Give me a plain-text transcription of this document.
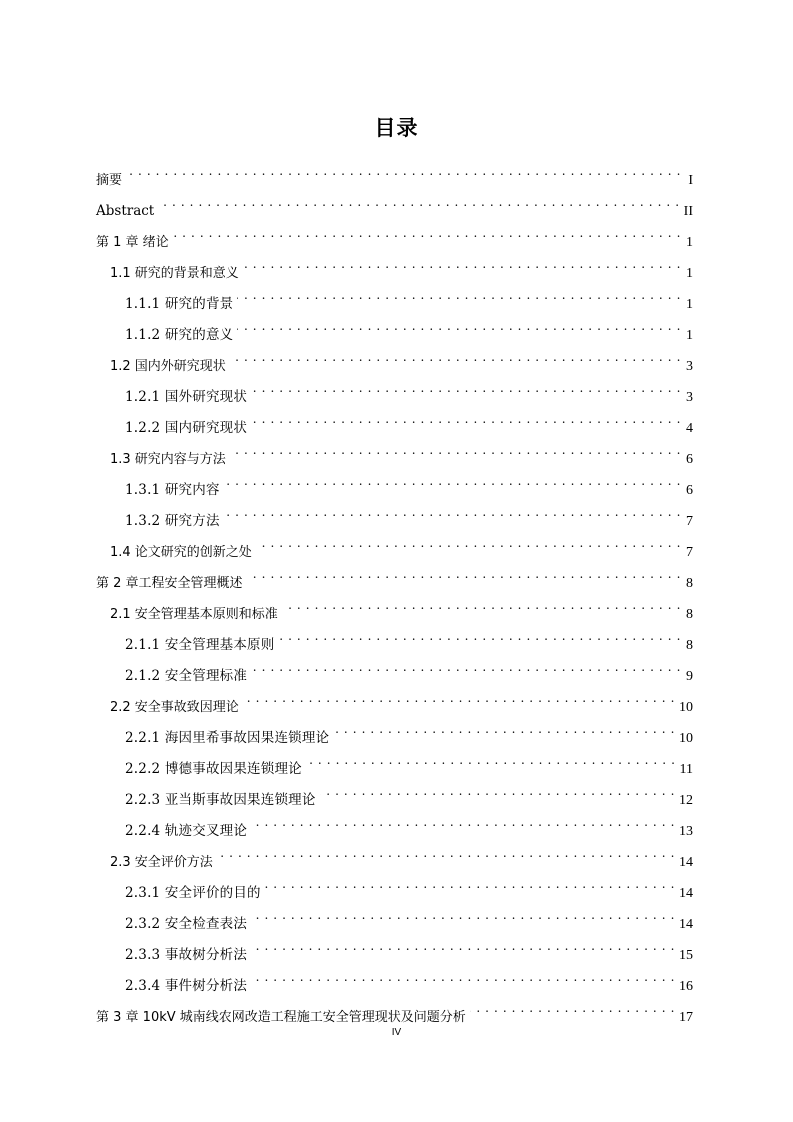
目录
摘要 . . .	I
Abstract . . .	II
第 1 章 绪论 . . .	1
1.1 研究的背景和意义 . . .	1
1.1.1 研究的背景 . . .	1
1.1.2 研究的意义 . . .	1
1.2 国内外研究现状 . . .	3
1.2.1 国外研究现状 . . .	3
1.2.2 国内研究现状 . . .	4
1.3 研究内容与方法 . . .	6
1.3.1 研究内容 . . .	6
1.3.2 研究方法 . . .	7
1.4 论文研究的创新之处 . . .	7
第 2 章工程安全管理概述 . . .	8
2.1 安全管理基本原则和标准 . . .	8
2.1.1 安全管理基本原则 . . .	8
2.1.2 安全管理标准 . . .	9
2.2 安全事故致因理论 . . .	10
2.2.1 海因里希事故因果连锁理论 . . .	10
2.2.2 博德事故因果连锁理论 . . .	11
2.2.3 亚当斯事故因果连锁理论 . . .	12
2.2.4 轨迹交叉理论 . . .	13
2.3 安全评价方法 . . .	14
2.3.1 安全评价的目的 . . .	14
2.3.2 安全检查表法 . . .	14
2.3.3 事故树分析法 . . .	15
2.3.4 事件树分析法 . . .	16
第 3 章 10kV 城南线农网改造工程施工安全管理现状及问题分析 . . .	17
IV
